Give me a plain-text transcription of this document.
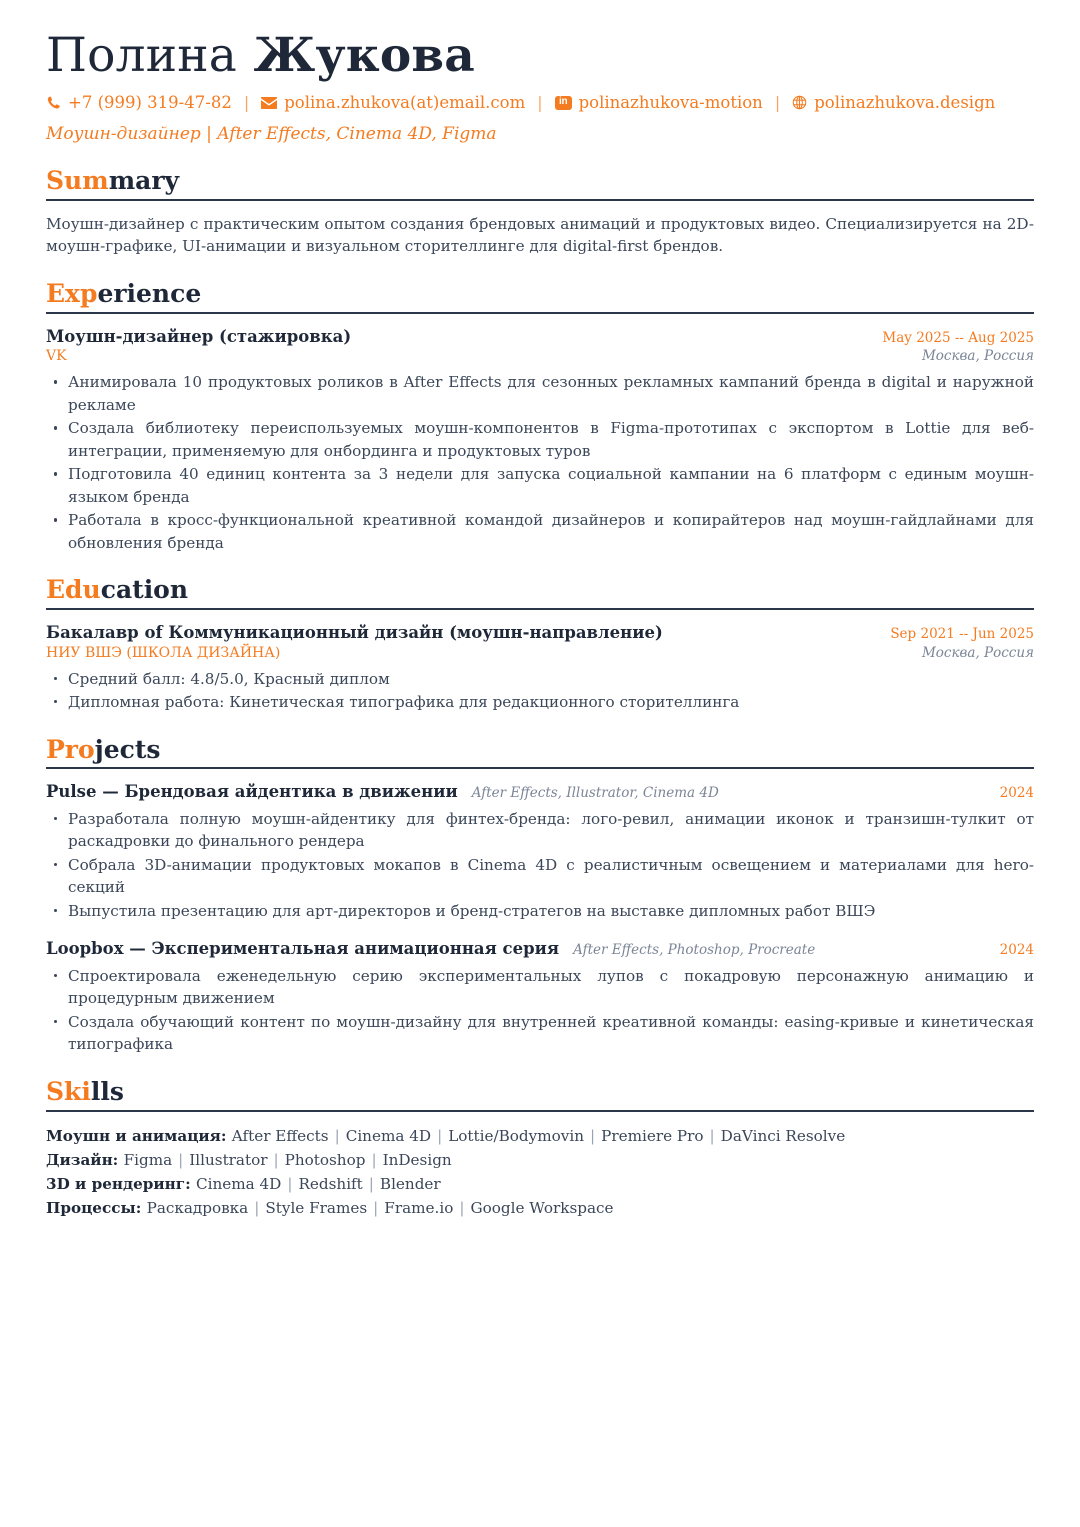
Полина Жукова
+7 (999) 319-47-82 |	polina.zhukova(at)email.com |	in polinazhukova-motion |	polinazhukova.design
Моушн-дизайнер | After Effects, Cinema 4D, Figma
Summary

Моушн-дизайнер с практическим опытом создания брендовых анимаций и продуктовых видео. Специализируется на 2D-моушн-графике, UI-анимации и визуальном сторителлинге для digital-first брендов.

Experience
Моушн-дизайнер (стажировка)	May 2025 -- Aug 2025
VK	Москва, Россия
Анимировала 10 продуктовых роликов в After Effects для сезонных рекламных кампаний бренда в digital и наружной рекламе
Создала библиотеку переиспользуемых моушн-компонентов в Figma-прототипах с экспортом в Lottie для веб-интеграции, применяемую для онбординга и продуктовых туров
Подготовила 40 единиц контента за 3 недели для запуска социальной кампании на 6 платформ с единым моушн-языком бренда
Работала в кросс-функциональной креативной командой дизайнеров и копирайтеров над моушн-гайдлайнами для обновления бренда
Education
Бакалавр of Коммуникационный дизайн (моушн-направление)	Sep 2021 -- Jun 2025
НИУ ВШЭ (ШКОЛА ДИЗАЙНА)	Москва, Россия
Средний балл: 4.8/5.0, Красный диплом
Дипломная работа: Кинетическая типографика для редакционного сторителлинга
Projects
Pulse — Брендовая айдентика в движении After Effects, Illustrator, Cinema 4D	2024
Разработала полную моушн-айдентику для финтех-бренда: лого-ревил, анимации иконок и транзишн-тулкит от раскадровки до финального рендера
Собрала 3D-анимации продуктовых мокапов в Cinema 4D с реалистичным освещением и материалами для hero-секций
Выпустила презентацию для арт-директоров и бренд-стратегов на выставке дипломных работ ВШЭ
Loopbox — Экспериментальная анимационная серия After Effects, Photoshop, Procreate	2024
Спроектировала еженедельную серию экспериментальных лупов с покадровую персонажную анимацию и процедурным движением
Создала обучающий контент по моушн-дизайну для внутренней креативной команды: easing-кривые и кинетическая типографика
Skills
Моушн и анимация: After Effects | Cinema 4D | Lottie/Bodymovin | Premiere Pro | DaVinci Resolve
Дизайн: Figma | Illustrator | Photoshop | InDesign
3D и рендеринг: Cinema 4D | Redshift | Blender
Процессы: Раскадровка | Style Frames | Frame.io | Google Workspace
